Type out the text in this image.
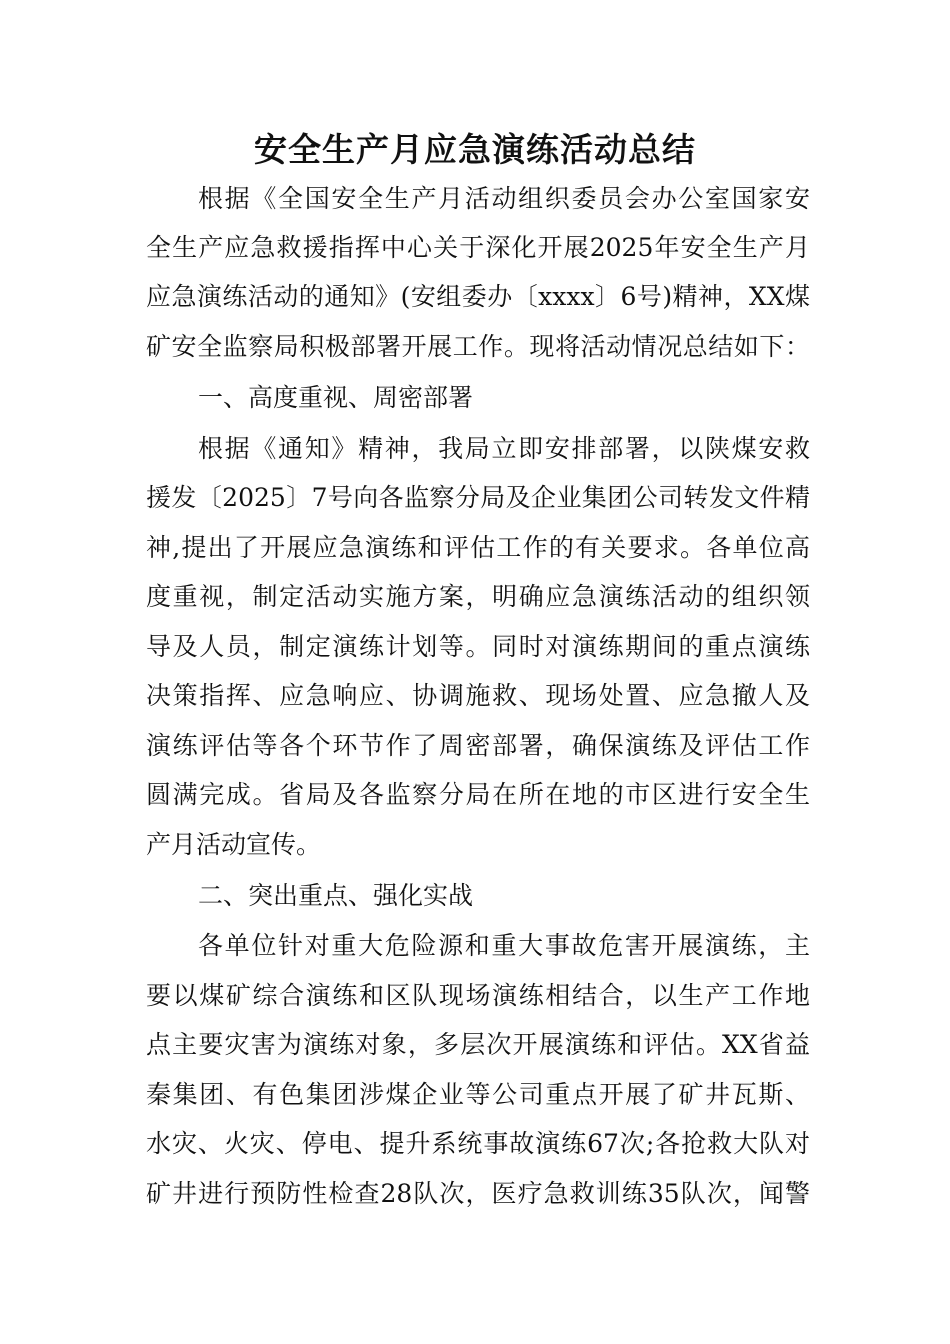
安全生产月应急演练活动总结

根据《全国安全生产月活动组织委员会办公室国家安

全生产应急救援指挥中心关于深化开展2025年安全生产月

应急演练活动的通知》(安组委办〔xxxx〕6号)精神，XX煤

矿安全监察局积极部署开展工作。现将活动情况总结如下：

一、高度重视、周密部署

根据《通知》精神，我局立即安排部署，以陕煤安救

援发〔2025〕7号向各监察分局及企业集团公司转发文件精

神,提出了开展应急演练和评估工作的有关要求。各单位高

度重视，制定活动实施方案，明确应急演练活动的组织领

导及人员，制定演练计划等。同时对演练期间的重点演练

决策指挥、应急响应、协调施救、现场处置、应急撤人及

演练评估等各个环节作了周密部署，确保演练及评估工作

圆满完成。省局及各监察分局在所在地的市区进行安全生

产月活动宣传。

二、突出重点、强化实战

各单位针对重大危险源和重大事故危害开展演练，主

要以煤矿综合演练和区队现场演练相结合，以生产工作地

点主要灾害为演练对象，多层次开展演练和评估。XX省益

秦集团、有色集团涉煤企业等公司重点开展了矿井瓦斯、

水灾、火灾、停电、提升系统事故演练67次;各抢救大队对

矿井进行预防性检查28队次，医疗急救训练35队次，闻警
